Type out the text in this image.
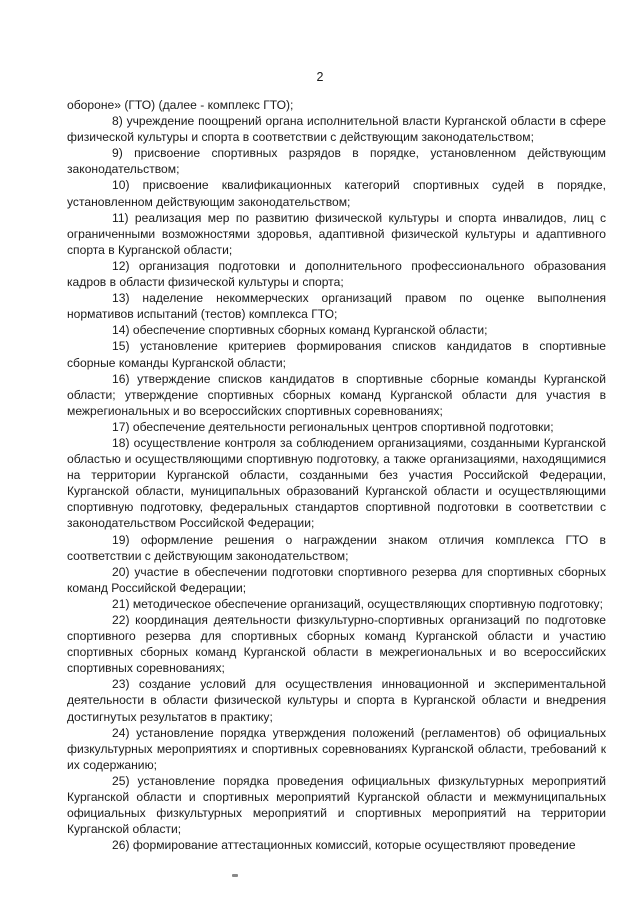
2

обороне» (ГТО) (далее - комплекс ГТО);

8) учреждение поощрений органа исполнительной власти Курганской области в сфере физической культуры и спорта в соответствии с действующим законодательством;

9) присвоение спортивных разрядов в порядке, установленном действующим законодательством;

10) присвоение квалификационных категорий спортивных судей в порядке, установленном действующим законодательством;

11) реализация мер по развитию физической культуры и спорта инвалидов, лиц с ограниченными возможностями здоровья, адаптивной физической культуры и адаптивного спорта в Курганской области;

12) организация подготовки и дополнительного профессионального образования кадров в области физической культуры и спорта;

13) наделение некоммерческих организаций правом по оценке выполнения нормативов испытаний (тестов) комплекса ГТО;

14) обеспечение спортивных сборных команд Курганской области;

15) установление критериев формирования списков кандидатов в спортивные сборные команды Курганской области;

16) утверждение списков кандидатов в спортивные сборные команды Курганской области; утверждение спортивных сборных команд Курганской области для участия в межрегиональных и во всероссийских спортивных соревнованиях;

17) обеспечение деятельности региональных центров спортивной подготовки;

18) осуществление контроля за соблюдением организациями, созданными Курганской областью и осуществляющими спортивную подготовку, а также организациями, находящимися на территории Курганской области, созданными без участия Российской Федерации, Курганской области, муниципальных образований Курганской области и осуществляющими спортивную подготовку, федеральных стандартов спортивной подготовки в соответствии с законодательством Российской Федерации;

19) оформление решения о награждении знаком отличия комплекса ГТО в соответствии с действующим законодательством;

20) участие в обеспечении подготовки спортивного резерва для спортивных сборных команд Российской Федерации;

21) методическое обеспечение организаций, осуществляющих спортивную подготовку;

22) координация деятельности физкультурно-спортивных организаций по подготовке спортивного резерва для спортивных сборных команд Курганской области и участию спортивных сборных команд Курганской области в межрегиональных и во всероссийских спортивных соревнованиях;

23) создание условий для осуществления инновационной и экспериментальной деятельности в области физической культуры и спорта в Курганской области и внедрения достигнутых результатов в практику;

24) установление порядка утверждения положений (регламентов) об официальных физкультурных мероприятиях и спортивных соревнованиях Курганской области, требований к их содержанию;

25) установление порядка проведения официальных физкультурных мероприятий Курганской области и спортивных мероприятий Курганской области и межмуниципальных официальных физкультурных мероприятий и спортивных мероприятий на территории Курганской области;

26) формирование аттестационных комиссий, которые осуществляют проведение
